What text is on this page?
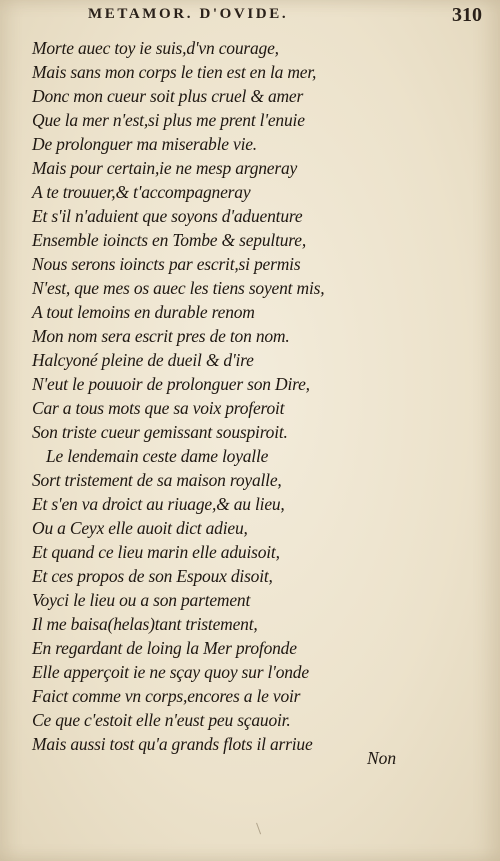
METAMOR. D'OVIDE.	310
Morte auec toy ie suis,d'vn courage,
Mais sans mon corps le tien est en la mer,
Donc mon cueur soit plus cruel & amer
Que la mer n'est,si plus me prent l'enuie
De prolonguer ma miserable vie.
Mais pour certain,ie ne mesp argneray
A te trouuer,& t'accompagneray
Et s'il n'aduient que soyons d'aduenture
Ensemble ioincts en Tombe & sepulture,
Nous serons ioincts par escrit,si permis
N'est, que mes os auec les tiens soyent mis,
A tout lemoins en durable renom
Mon nom sera escrit pres de ton nom.
Halcyoné pleine de dueil & d'ire
N'eut le pouuoir de prolonguer son Dire,
Car a tous mots que sa voix proferoit
Son triste cueur gemissant souspiroit.
Le lendemain ceste dame loyalle
Sort tristement de sa maison royalle,
Et s'en va droict au riuage,& au lieu,
Ou a Ceyx elle auoit dict adieu,
Et quand ce lieu marin elle aduisoit,
Et ces propos de son Espoux disoit,
Voyci le lieu ou a son partement
Il me baisa(helas)tant tristement,
En regardant de loing la Mer profonde
Elle apperçoit ie ne sçay quoy sur l'onde
Faict comme vn corps,encores a le voir
Ce que c'estoit elle n'eust peu sçauoir.
Mais aussi tost qu'a grands flots il arriue
Non
